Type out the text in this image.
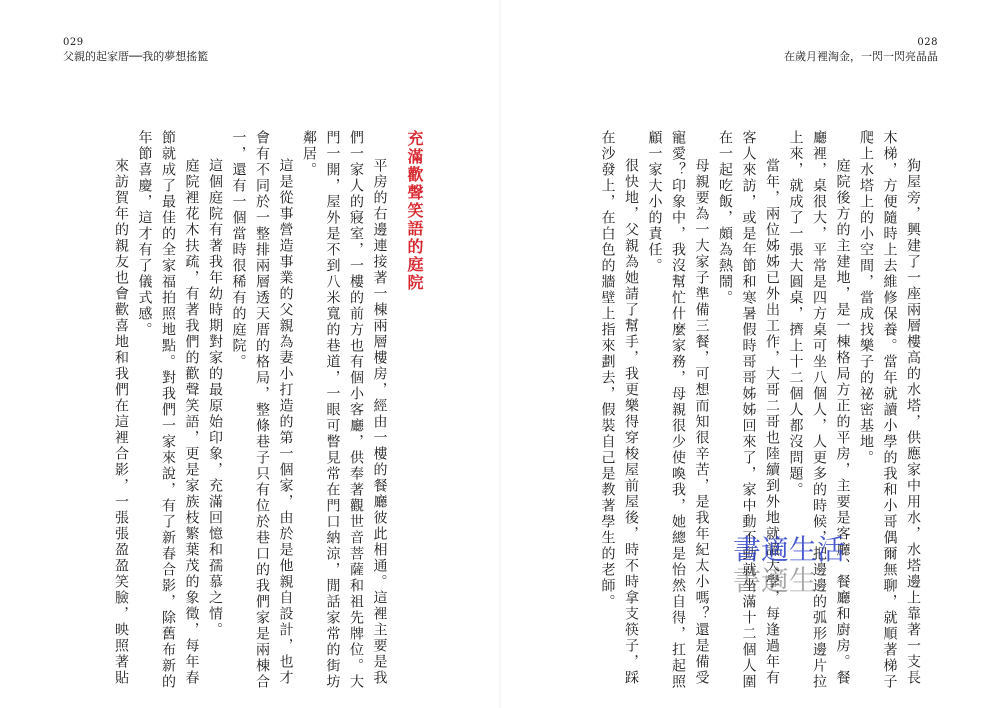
029
父親的起家厝──我的夢想搖籃
028
在歲月裡淘金，一閃一閃亮晶晶

狗屋旁，興建了一座兩層樓高的水塔，供應家中用水，水塔邊上靠著一支長木梯，方便隨時上去維修保養。當年就讀小學的我和小哥偶爾無聊，就順著梯子爬上水塔上的小空間，當成找樂子的祕密基地。

庭院後方的主建地，是一棟格局方正的平房，主要是客廳、餐廳和廚房。餐廳裡，桌很大，平常是四方桌可坐八個人，人更多的時候，把邊邊的弧形邊片拉上來，就成了一張大圓桌，擠上十二個人都沒問題。

當年，兩位姊姊已外出工作，大哥二哥也陸續到外地就讀大學，每逢過年有客人來訪，或是年節和寒暑假時哥哥姊姊回來了，家中動不動就坐滿十二個人圍在一起吃飯，頗為熱鬧。

母親要為一大家子準備三餐，可想而知很辛苦，是我年紀太小嗎？還是備受寵愛？印象中，我沒幫忙什麼家務，母親很少使喚我，她總是怡然自得，扛起照顧一家大小的責任。

很快地，父親為她請了幫手，我更樂得穿梭屋前屋後，時不時拿支筷子，踩在沙發上，在白色的牆壁上指來劃去，假裝自己是教著學生的老師。

充滿歡聲笑語的庭院

平房的右邊連接著一棟兩層樓房，經由一樓的餐廳彼此相通。這裡主要是我們一家人的寢室，一樓的前方也有個小客廳，供奉著觀世音菩薩和祖先牌位。大門一開，屋外是不到八米寬的巷道，一眼可瞥見常在門口納涼，閒話家常的街坊鄰居。

這是從事營造事業的父親為妻小打造的第一個家，由於是他親自設計，也才會有不同於一整排兩層透天厝的格局，整條巷子只有位於巷口的我們家是兩棟合一，還有一個當時很稀有的庭院。

這個庭院有著我年幼時期對家的最原始印象，充滿回憶和孺慕之情。

庭院裡花木扶疏，有著我們的歡聲笑語，更是家族枝繁葉茂的象徵，每年春節就成了最佳的全家福拍照地點。對我們一家來說，有了新春合影，除舊布新的年節喜慶，這才有了儀式感。

來訪賀年的親友也會歡喜地和我們在這裡合影，一張張盈盈笑臉，映照著貼	書適生活
書適生
